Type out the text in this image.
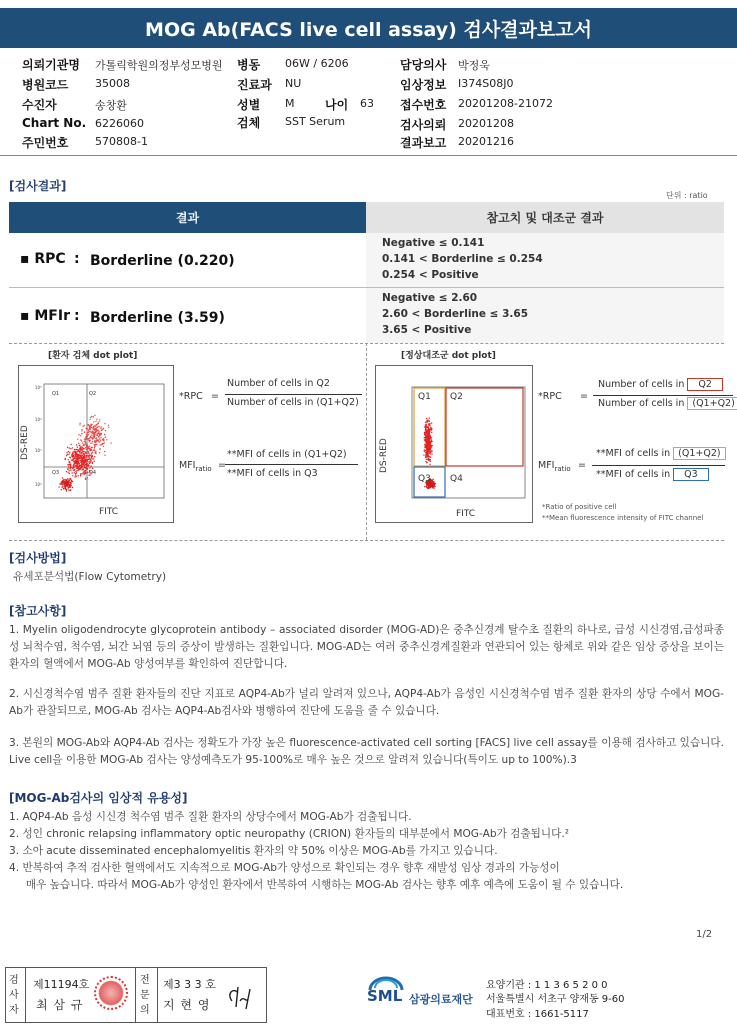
MOG Ab(FACS live cell assay) 검사결과보고서
의뢰기관명 가톨릭학원의정부성모병원
병원코드 35008
수진자	송창환
Chart No. 6226060
주민번호 570808-1
병동 06W / 6206
진료과 NU
성별 M	나이 63
검체 SST Serum
담당의사 박정욱
임상정보 I374S08J0
접수번호 20201208-21072
검사의뢰 20201208
결과보고 20201216
[검사결과]
단위 : ratio
결과	참고치 및 대조군 결과
▪ RPC : Borderline (0.220)
Negative ≤ 0.141
0.141 < Borderline ≤ 0.254
0.254 < Positive
▪ MFIr : Borderline (3.59)
Negative ≤ 2.60
2.60 < Borderline ≤ 3.65
3.65 < Positive
[환자 검체 dot plot]
Q1	Q2
Q3	Q4
10⁵
10⁴
10³
10²
DS-RED
FITC
*RPC =
Number of cells in Q2
Number of cells in (Q1+Q2)
$MFI_{ratio}$ =
**MFI of cells in (Q1+Q2)
**MFI of cells in Q3
[정상대조군 dot plot]
Q1 Q2
Q3 Q4
DS-RED
FITC
*RPC =
Number of cells in Q2
Number of cells in (Q1+Q2)
$MFI_{ratio}$ =
**MFI of cells in (Q1+Q2)
**MFI of cells in Q3
*Ratio of positive cell
**Mean fluorescence intensity of FITC channel
[검사방법]
유세포분석법(Flow Cytometry)
[참고사항]
1. Myelin oligodendrocyte glycoprotein antibody – associated disorder (MOG-AD)은 중추신경계 탈수초 질환의 하나로, 급성 시신경염,급성파종성 뇌척수염, 척수염, 뇌간 뇌염 등의 증상이 발생하는 질환입니다. MOG-AD는 여러 중추신경계질환과 연관되어 있는 항체로 위와 같은 임상 증상을 보이는 환자의 혈액에서 MOG-Ab 양성여부를 확인하여 진단합니다.
2. 시신경척수염 범주 질환 환자들의 진단 지표로 AQP4-Ab가 널리 알려져 있으나, AQP4-Ab가 음성인 시신경척수염 범주 질환 환자의 상당 수에서 MOG-Ab가 관찰되므로, MOG-Ab 검사는 AQP4-Ab검사와 병행하여 진단에 도움을 줄 수 있습니다.
3. 본원의 MOG-Ab와 AQP4-Ab 검사는 정확도가 가장 높은 fluorescence-activated cell sorting [FACS] live cell assay를 이용해 검사하고 있습니다. Live cell을 이용한 MOG-Ab 검사는 양성예측도가 95-100%로 매우 높은 것으로 알려져 있습니다(특이도 up to 100%).3
[MOG-Ab검사의 임상적 유용성]
1. AQP4-Ab 음성 시신경 척수염 범주 질환 환자의 상당수에서 MOG-Ab가 검출됩니다.
2. 성인 chronic relapsing inflammatory optic neuropathy (CRION) 환자들의 대부분에서 MOG-Ab가 검출됩니다.²
3. 소아 acute disseminated encephalomyelitis 환자의 약 50% 이상은 MOG-Ab를 가지고 있습니다.
4. 반복하여 추적 검사한 혈액에서도 지속적으로 MOG-Ab가 양성으로 확인되는 경우 향후 재발성 임상 경과의 가능성이
매우 높습니다. 따라서 MOG-Ab가 양성인 환자에서 반복하여 시행하는 MOG-Ab 검사는 향후 예후 예측에 도움이 될 수 있습니다.
1/2
검사자
제11194호
최 삼 규
전문의
제3 3 3 호
지 현 영	SML 삼광의료재단
요양기관 : 1 1 3 6 5 2 0 0
서울특별시 서초구 양재동 9-60
대표번호 : 1661-5117
